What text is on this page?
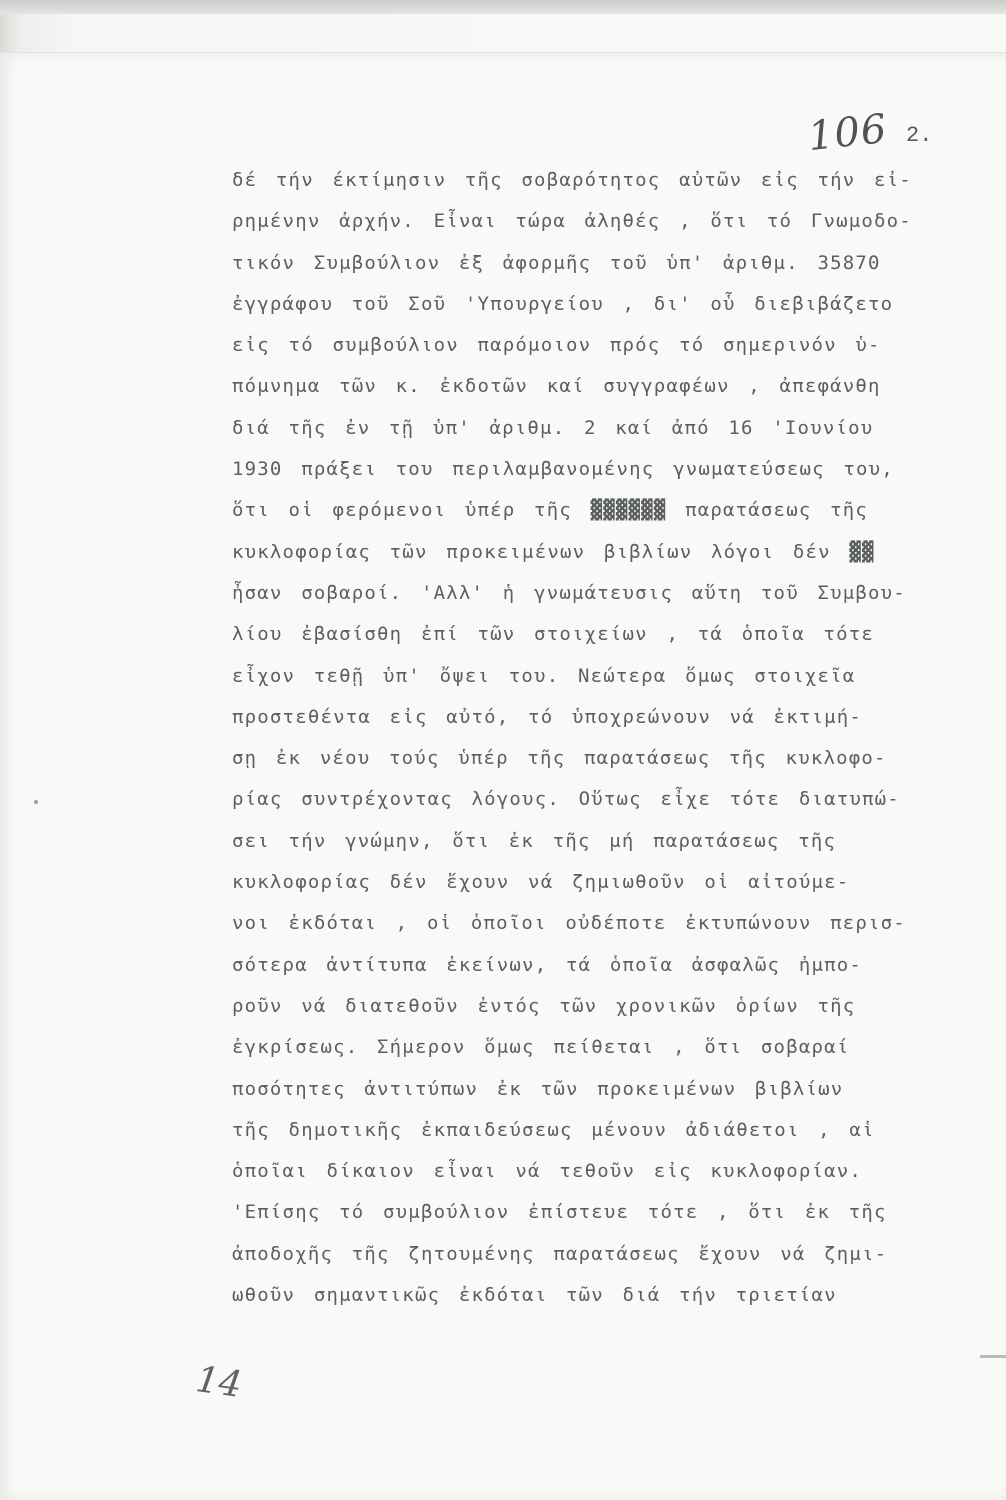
106 2.
δέ τήν έκτίμησιν τῆς σοβαρότητος αὐτῶν εἰς τήν εἰ-
ρημένην ἀρχήν. Εἶναι τώρα ἀληθές , ὅτι τό Γνωμοδο-
τικόν Συμβούλιον ἐξ ἀφορμῆς τοῦ ὑπ' ἀριθμ. 35870
ἐγγράφου τοῦ Σοῦ 'Υπουργείου , δι' οὗ διεβιβάζετο
εἰς τό συμβούλιον παρόμοιον πρός τό σημερινόν ὑ-
πόμνημα τῶν κ. ἐκδοτῶν καί συγγραφέων , ἀπεφάνθη
διά τῆς ἐν τῇ ὑπ' ἀριθμ. 2 καί ἀπό 16 'Ιουνίου
1930 πράξει του περιλαμβανομένης γνωματεύσεως του,
ὅτι οἱ φερόμενοι ὑπέρ τῆς ▓▓▓▓▓▓ παρατάσεως τῆς
κυκλοφορίας τῶν προκειμένων βιβλίων λόγοι δέν ▓▓
ἦσαν σοβαροί. 'Αλλ' ἡ γνωμάτευσις αὕτη τοῦ Συμβου-
λίου ἐβασίσθη ἐπί τῶν στοιχείων , τά ὁποῖα τότε
εἶχον τεθῇ ὑπ' ὄψει του. Νεώτερα ὅμως στοιχεῖα
προστεθέντα εἰς αὐτό, τό ὑποχρεώνουν νά ἐκτιμή-
σῃ ἐκ νέου τούς ὑπέρ τῆς παρατάσεως τῆς κυκλοφο-
ρίας συντρέχοντας λόγους. Οὕτως εἶχε τότε διατυπώ-
σει τήν γνώμην, ὅτι ἐκ τῆς μή παρατάσεως τῆς
κυκλοφορίας δέν ἔχουν νά ζημιωθοῦν οἱ αἰτούμε-
νοι ἐκδόται , οἱ ὁποῖοι οὐδέποτε ἐκτυπώνουν περισ-
σότερα ἀντίτυπα ἐκείνων, τά ὁποῖα ἀσφαλῶς ἠμπο-
ροῦν νά διατεθοῦν ἐντός τῶν χρονικῶν ὁρίων τῆς
ἐγκρίσεως. Σήμερον ὅμως πείθεται , ὅτι σοβαραί
ποσότητες ἀντιτύπων ἐκ τῶν προκειμένων βιβλίων
τῆς δημοτικῆς ἐκπαιδεύσεως μένουν ἀδιάθετοι , αἱ
ὁποῖαι δίκαιον εἶναι νά τεθοῦν εἰς κυκλοφορίαν.
'Επίσης τό συμβούλιον ἐπίστευε τότε , ὅτι ἐκ τῆς
ἀποδοχῆς τῆς ζητουμένης παρατάσεως ἔχουν νά ζημι-
ωθοῦν σημαντικῶς ἐκδόται τῶν διά τήν τριετίαν
14
